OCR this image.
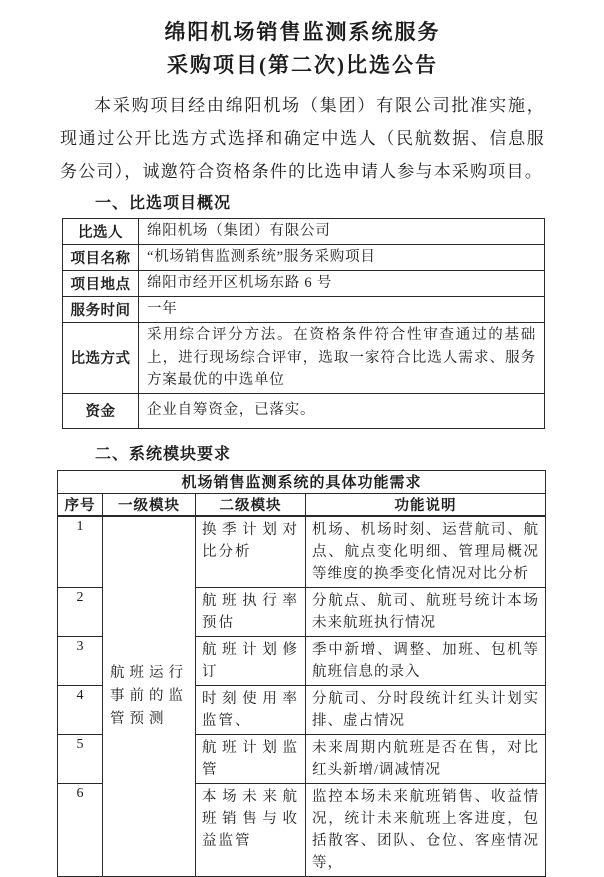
绵阳机场销售监测系统服务
采购项目(第二次)比选公告

本采购项目经由绵阳机场（集团）有限公司批准实施，现通过公开比选方式选择和确定中选人（民航数据、信息服务公司），诚邀符合资格条件的比选申请人参与本采购项目。

一、比选项目概况
比选人	绵阳机场（集团）有限公司
项目名称	“机场销售监测系统”服务采购项目
项目地点	绵阳市经开区机场东路 6 号
服务时间	一年
比选方式	采用综合评分方法。在资格条件符合性审查通过的基础上，进行现场综合评审，选取一家符合比选人需求、服务方案最优的中选单位
资金	企业自筹资金，已落实。
二、系统模块要求
机场销售监测系统的具体功能需求			
序号	一级模块	二级模块	功能说明
1	航班运行事前的监管预测	换季计划对比分析	机场、机场时刻、运营航司、航点、航点变化明细、管理局概况等维度的换季变化情况对比分析
2		航班执行率预估	分航点、航司、航班号统计本场未来航班执行情况
3		航班计划修订	季中新增、调整、加班、包机等航班信息的录入
4		时刻使用率监管、	分航司、分时段统计红头计划实排、虚占情况
5		航班计划监管	未来周期内航班是否在售，对比红头新增/调减情况
6		本场未来航班销售与收益监管	监控本场未来航班销售、收益情况，统计未来航班上客进度，包括散客、团队、仓位、客座情况等，
